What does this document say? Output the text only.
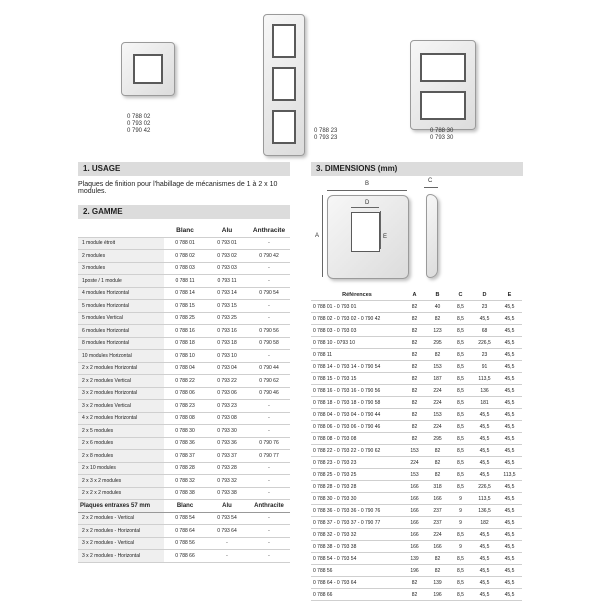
0 788 02
0 793 02
0 790 42	0 788 23
0 793 23
0 788 30
0 793 30
1. USAGE
Plaques de finition pour l'habillage de mécanismes de 1 à 2 x 10 modules.
2. GAMME
	Blanc	Alu	Anthracite
1 module étroit	0 788 01	0 793 01	-
2 modules	0 788 02	0 793 02	0 790 42
3 modules	0 788 03	0 793 03	-
1poste / 1 module	0 788 11	0 793 11	-
4 modules Horizontal	0 788 14	0 793 14	0 790 54
5 modules Horizontal	0 788 15	0 793 15	-
5 modules Vertical	0 788 25	0 793 25	-
6 modules Horizontal	0 788 16	0 793 16	0 790 56
8 modules Horizontal	0 788 18	0 793 18	0 790 58
10 modules Horizontal	0 788 10	0 793 10	-
2 x 2 modules Horizontal	0 788 04	0 793 04	0 790 44
2 x 2 modules Vertical	0 788 22	0 793 22	0 790 62
3 x 2 modules Horizontal	0 788 06	0 793 06	0 790 46
3 x 2 modules Vertical	0 788 23	0 793 23	-
4 x 2 modules Horizontal	0 788 08	0 793 08	-
2 x 5 modules	0 788 30	0 793 30	-
2 x 6 modules	0 788 36	0 793 36	0 790 76
2 x 8 modules	0 788 37	0 793 37	0 790 77
2 x 10 modules	0 788 28	0 793 28	-
2 x 3 x 2 modules	0 788 32	0 793 32	-
2 x 2 x 2 modules	0 788 38	0 793 38	-
Plaques entraxes 57 mm	Blanc	Alu	Anthracite
2 x 2 modules - Vertical	0 788 54	0 793 54	-
2 x 2 modules - Horizontal	0 788 64	0 793 64	-
3 x 2 modules - Vertical	0 788 56	-	-
3 x 2 modules - Horizontal	0 788 66	-	-
3. DIMENSIONS (mm)
B
A
D
E
C
Références	A	B	C	D	E
0 788 01 - 0 793 01	82	40	8,5	23	45,5
0 788 02 - 0 793 02 - 0 790 42	82	82	8,5	45,5	45,5
0 788 03 - 0 793 03	82	123	8,5	68	45,5
0 788 10 - 0793 10	82	295	8,5	226,5	45,5
0 788 11	82	82	8,5	23	45,5
0 788 14 - 0 793 14 - 0 790 54	82	153	8,5	91	45,5
0 788 15 - 0 793 15	82	187	8,5	113,5	45,5
0 788 16 - 0 793 16 - 0 790 56	82	224	8,5	136	45,5
0 788 18 - 0 793 18 - 0 790 58	82	224	8,5	181	45,5
0 788 04 - 0 793 04 - 0 790 44	82	153	8,5	45,5	45,5
0 788 06 - 0 793 06 - 0 790 46	82	224	8,5	45,5	45,5
0 788 08 - 0 793 08	82	295	8,5	45,5	45,5
0 788 22 - 0 793 22 - 0 790 62	153	82	8,5	45,5	45,5
0 788 23 - 0 793 23	224	82	8,5	45,5	45,5
0 788 25 - 0 793 25	153	82	8,5	45,5	113,5
0 788 28 - 0 793 28	166	318	8,5	226,5	45,5
0 788 30 - 0 793 30	166	166	9	113,5	45,5
0 788 36 - 0 793 36 - 0 790 76	166	237	9	136,5	45,5
0 788 37 - 0 793 37 - 0 790 77	166	237	9	182	45,5
0 788 32 - 0 793 32	166	224	8,5	45,5	45,5
0 788 38 - 0 793 38	166	166	9	45,5	45,5
0 788 54 - 0 793 54	139	82	8,5	45,5	45,5
0 788 56	196	82	8,5	45,5	45,5
0 788 64 - 0 793 64	82	139	8,5	45,5	45,5
0 788 66	82	196	8,5	45,5	45,5
